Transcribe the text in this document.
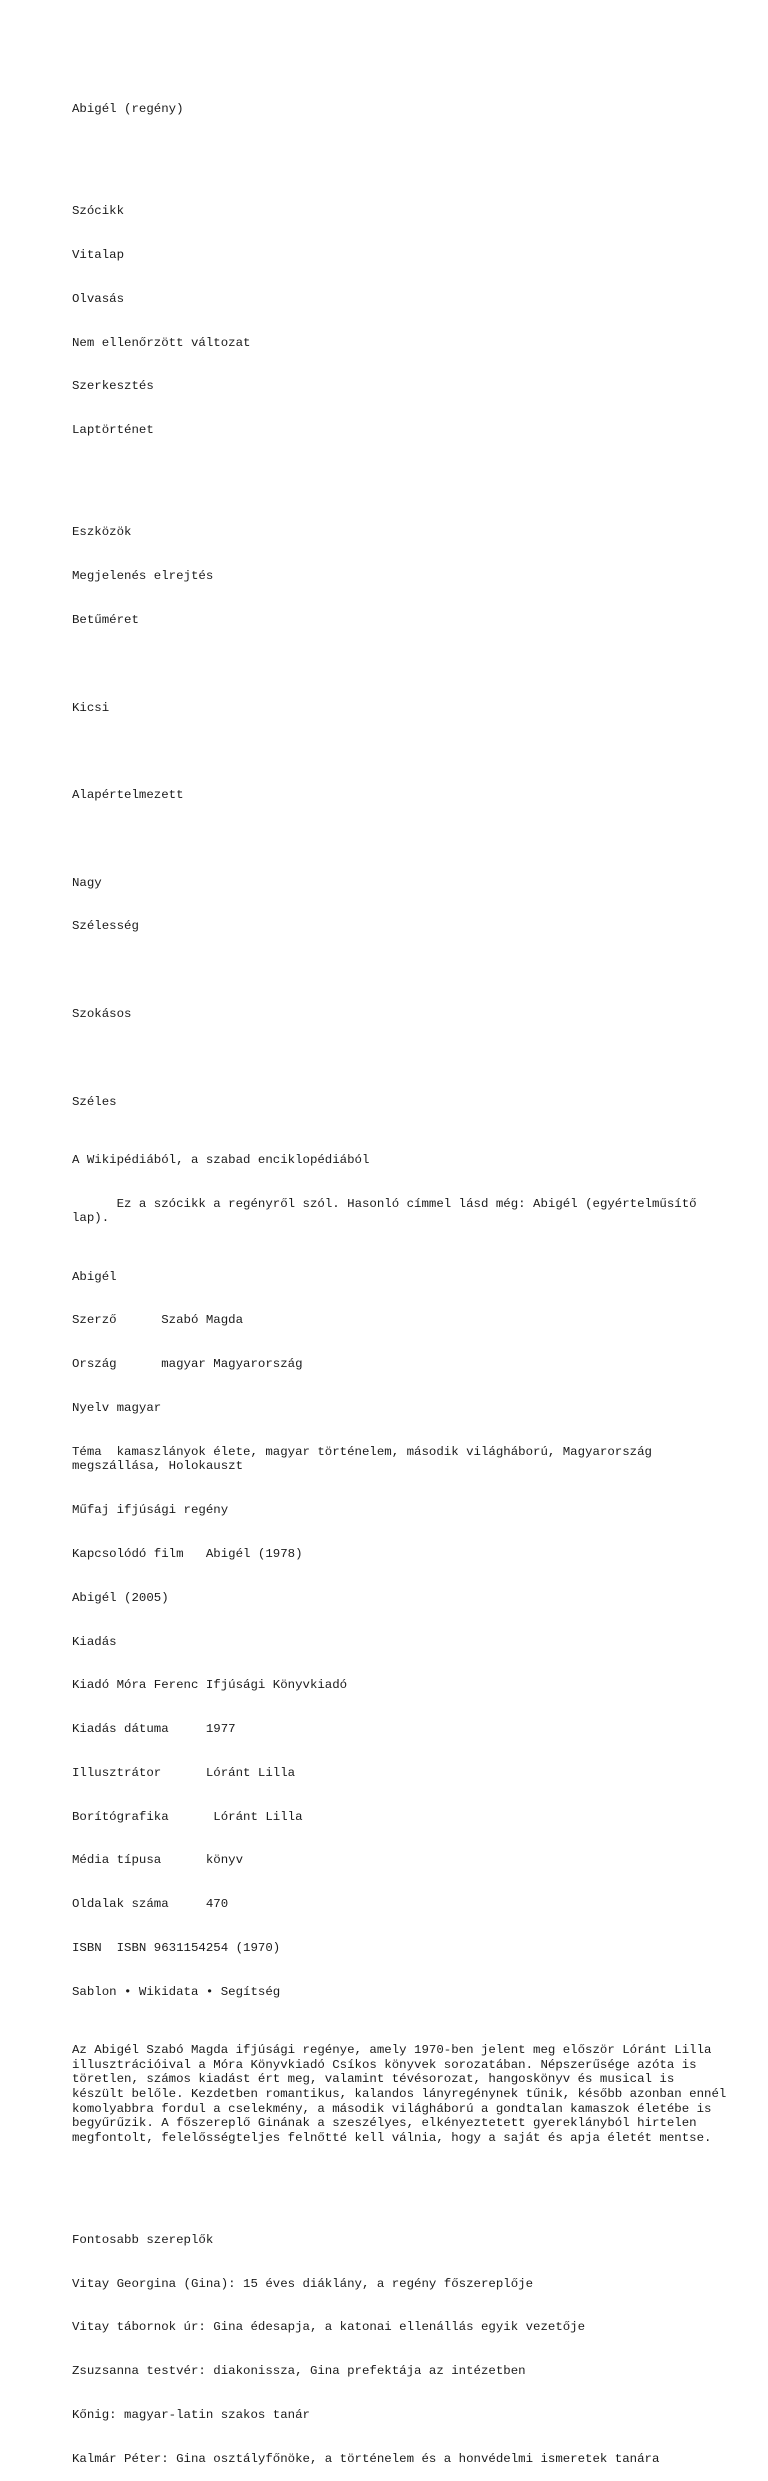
Abigél (regény)

Szócikk

Vitalap

Olvasás

Nem ellenőrzött változat

Szerkesztés

Laptörténet

Eszközök

Megjelenés elrejtés

Betűméret

Kicsi

Alapértelmezett

Nagy

Szélesség

Szokásos

Széles

A Wikipédiából, a szabad enciklopédiából

Ez a szócikk a regényről szól. Hasonló címmel lásd még: Abigél (egyértelműsítő lap).

Abigél

Szerző	Szabó Magda

Ország	magyar Magyarország

Nyelv magyar

Téma  kamaszlányok élete, magyar történelem, második világháború, Magyarország megszállása, Holokauszt

Műfaj ifjúsági regény

Kapcsolódó film Abigél (1978)

Abigél (2005)

Kiadás

Kiadó Móra Ferenc Ifjúsági Könyvkiadó

Kiadás dátuma	1977

Illusztrátor	Lóránt Lilla

Borítógrafika	Lóránt Lilla

Média típusa	könyv

Oldalak száma	470

ISBN  ISBN 9631154254 (1970)

Sablon • Wikidata • Segítség

Az Abigél Szabó Magda ifjúsági regénye, amely 1970-ben jelent meg először Lóránt Lilla illusztrációival a Móra Könyvkiadó Csíkos könyvek sorozatában. Népszerűsége azóta is töretlen, számos kiadást ért meg, valamint tévésorozat, hangoskönyv és musical is készült belőle. Kezdetben romantikus, kalandos lányregénynek tűnik, később azonban ennél komolyabbra fordul a cselekmény, a második világháború a gondtalan kamaszok életébe is begyűrűzik. A főszereplő Ginának a szeszélyes, elkényeztetett gyereklányból hirtelen megfontolt, felelősségteljes felnőtté kell válnia, hogy a saját és apja életét mentse.

Fontosabb szereplők

Vitay Georgina (Gina): 15 éves diáklány, a regény főszereplője

Vitay tábornok úr: Gina édesapja, a katonai ellenállás egyik vezetője

Zsuzsanna testvér: diakonissza, Gina prefektája az intézetben

Kőnig: magyar-latin szakos tanár

Kalmár Péter: Gina osztályfőnöke, a történelem és a honvédelmi ismeretek tanára
